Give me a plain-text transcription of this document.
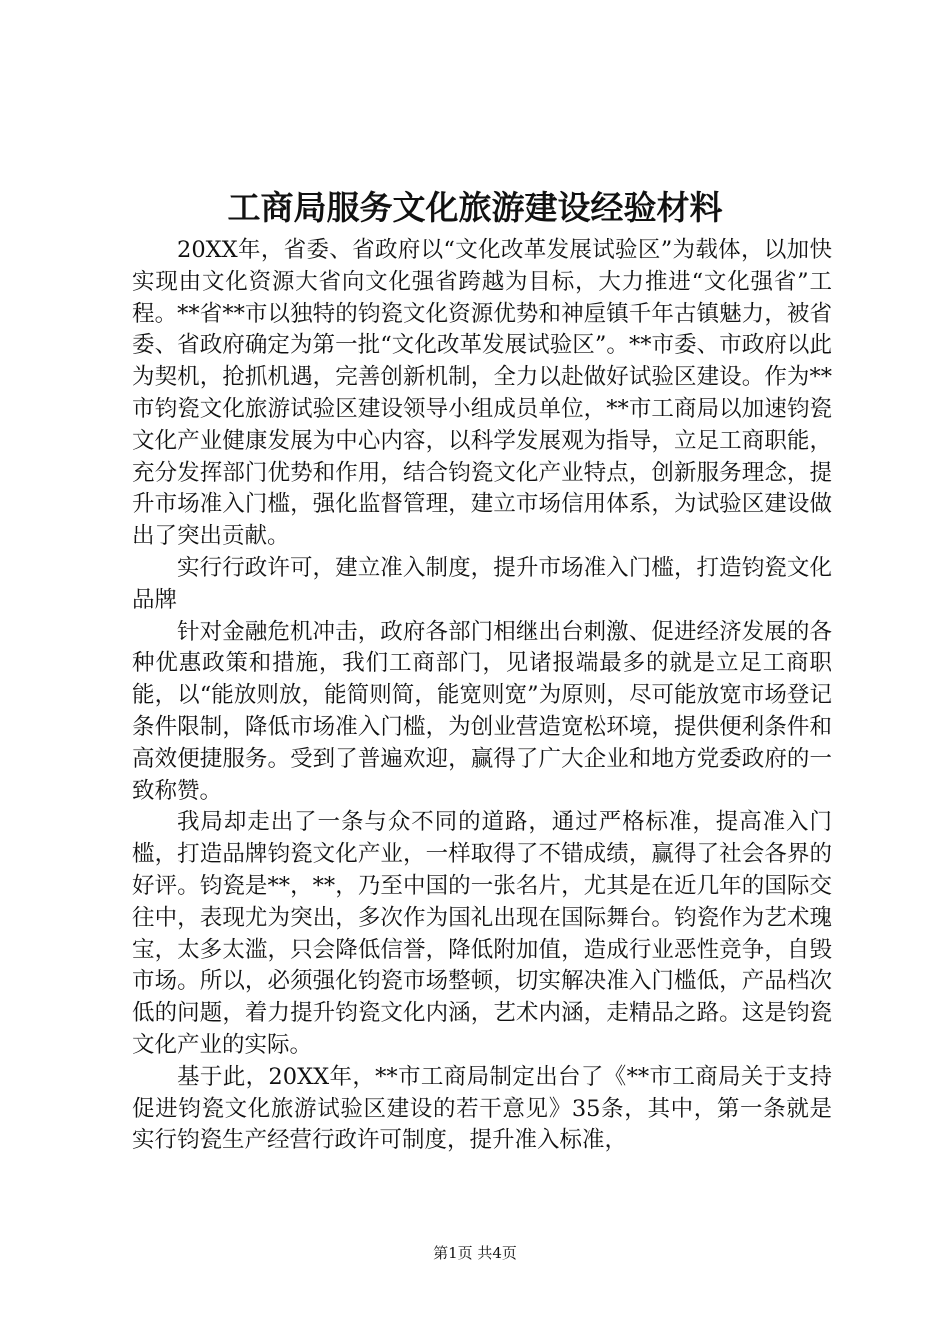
工商局服务文化旅游建设经验材料

20XX年，省委、省政府以“文化改革发展试验区”为载体，以加快实现由文化资源大省向文化强省跨越为目标，大力推进“文化强省”工程。**省**市以独特的钧瓷文化资源优势和神垕镇千年古镇魅力，被省委、省政府确定为第一批“文化改革发展试验区”。**市委、市政府以此为契机，抢抓机遇，完善创新机制，全力以赴做好试验区建设。作为**市钧瓷文化旅游试验区建设领导小组成员单位，**市工商局以加速钧瓷文化产业健康发展为中心内容，以科学发展观为指导，立足工商职能，充分发挥部门优势和作用，结合钧瓷文化产业特点，创新服务理念，提升市场准入门槛，强化监督管理，建立市场信用体系，为试验区建设做出了突出贡献。

实行行政许可，建立准入制度，提升市场准入门槛，打造钧瓷文化品牌

针对金融危机冲击，政府各部门相继出台刺激、促进经济发展的各种优惠政策和措施，我们工商部门，见诸报端最多的就是立足工商职能，以“能放则放，能简则简，能宽则宽”为原则，尽可能放宽市场登记条件限制，降低市场准入门槛，为创业营造宽松环境，提供便利条件和高效便捷服务。受到了普遍欢迎，赢得了广大企业和地方党委政府的一致称赞。

我局却走出了一条与众不同的道路，通过严格标准，提高准入门槛，打造品牌钧瓷文化产业，一样取得了不错成绩，赢得了社会各界的好评。钧瓷是**，**，乃至中国的一张名片，尤其是在近几年的国际交往中，表现尤为突出，多次作为国礼出现在国际舞台。钧瓷作为艺术瑰宝，太多太滥，只会降低信誉，降低附加值，造成行业恶性竞争，自毁市场。所以，必须强化钧瓷市场整顿，切实解决准入门槛低，产品档次低的问题，着力提升钧瓷文化内涵，艺术内涵，走精品之路。这是钧瓷文化产业的实际。

基于此，20XX年，**市工商局制定出台了《**市工商局关于支持促进钧瓷文化旅游试验区建设的若干意见》35条，其中，第一条就是实行钧瓷生产经营行政许可制度，提升准入标准，

第1页 共4页
